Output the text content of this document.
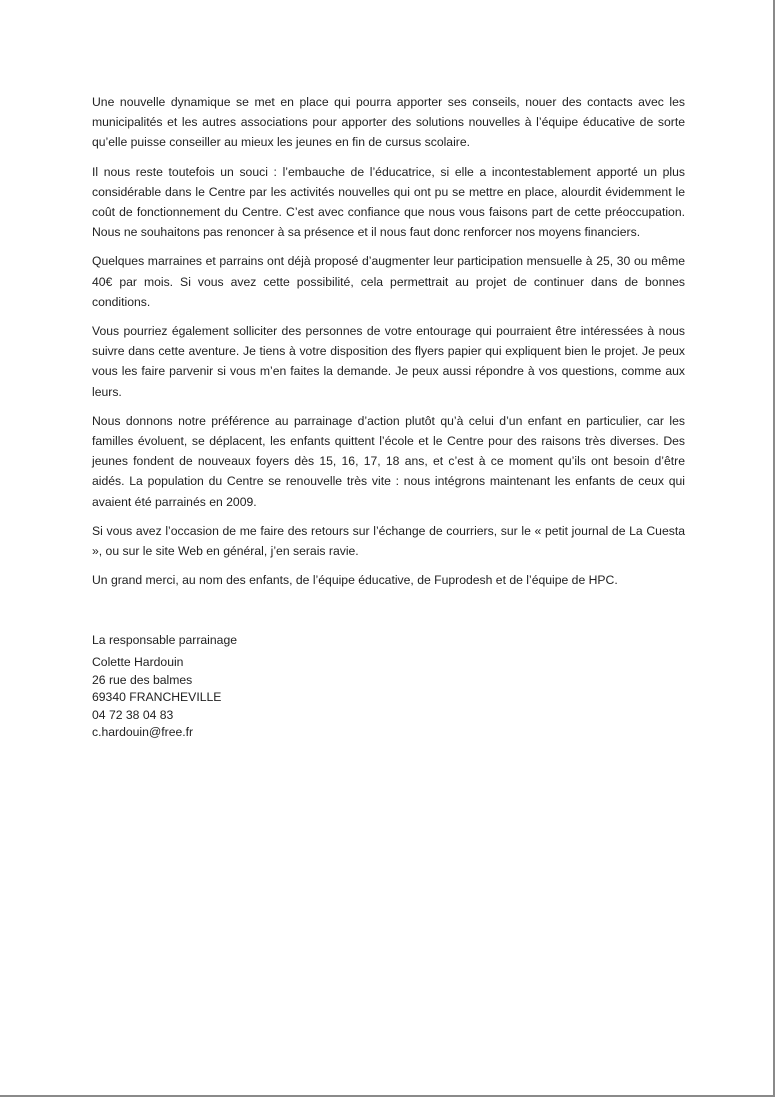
Une nouvelle dynamique se met en place qui pourra apporter ses conseils, nouer des contacts avec les municipalités et les autres associations pour apporter des solutions nouvelles à l’équipe éducative de sorte qu’elle puisse conseiller au mieux les jeunes en fin de cursus scolaire.

Il nous reste toutefois un souci : l’embauche de l’éducatrice, si elle a incontestablement apporté un plus considérable dans le Centre par les activités nouvelles qui ont pu se mettre en place, alourdit évidemment le coût de fonctionnement du Centre. C’est avec confiance que nous vous faisons part de cette préoccupation. Nous ne souhaitons pas renoncer à sa présence et il nous faut donc renforcer nos moyens financiers.

Quelques marraines et parrains ont déjà proposé d’augmenter leur participation mensuelle à 25, 30 ou même 40€ par mois. Si vous avez cette possibilité, cela permettrait au projet de continuer dans de bonnes conditions.

Vous pourriez également solliciter des personnes de votre entourage qui pourraient être intéressées à nous suivre dans cette aventure. Je tiens à votre disposition des flyers papier qui expliquent bien le projet. Je peux vous les faire parvenir si vous m’en faites la demande. Je peux aussi répondre à vos questions, comme aux leurs.

Nous donnons notre préférence au parrainage d’action plutôt qu’à celui d’un enfant en particulier, car les familles évoluent, se déplacent, les enfants quittent l’école et le Centre pour des raisons très diverses. Des jeunes fondent de nouveaux foyers dès 15, 16, 17, 18 ans, et c’est à ce moment qu’ils ont besoin d’être aidés. La population du Centre se renouvelle très vite : nous intégrons maintenant les enfants de ceux qui avaient été parrainés en 2009.

Si vous avez l’occasion de me faire des retours sur l’échange de courriers, sur le « petit journal de La Cuesta », ou sur le site Web en général, j’en serais ravie.

Un grand merci, au nom des enfants, de l’équipe éducative, de Fuprodesh et de l’équipe de HPC.

La responsable parrainage

Colette Hardouin

26 rue des balmes

69340 FRANCHEVILLE

04 72 38 04 83

c.hardouin@free.fr
